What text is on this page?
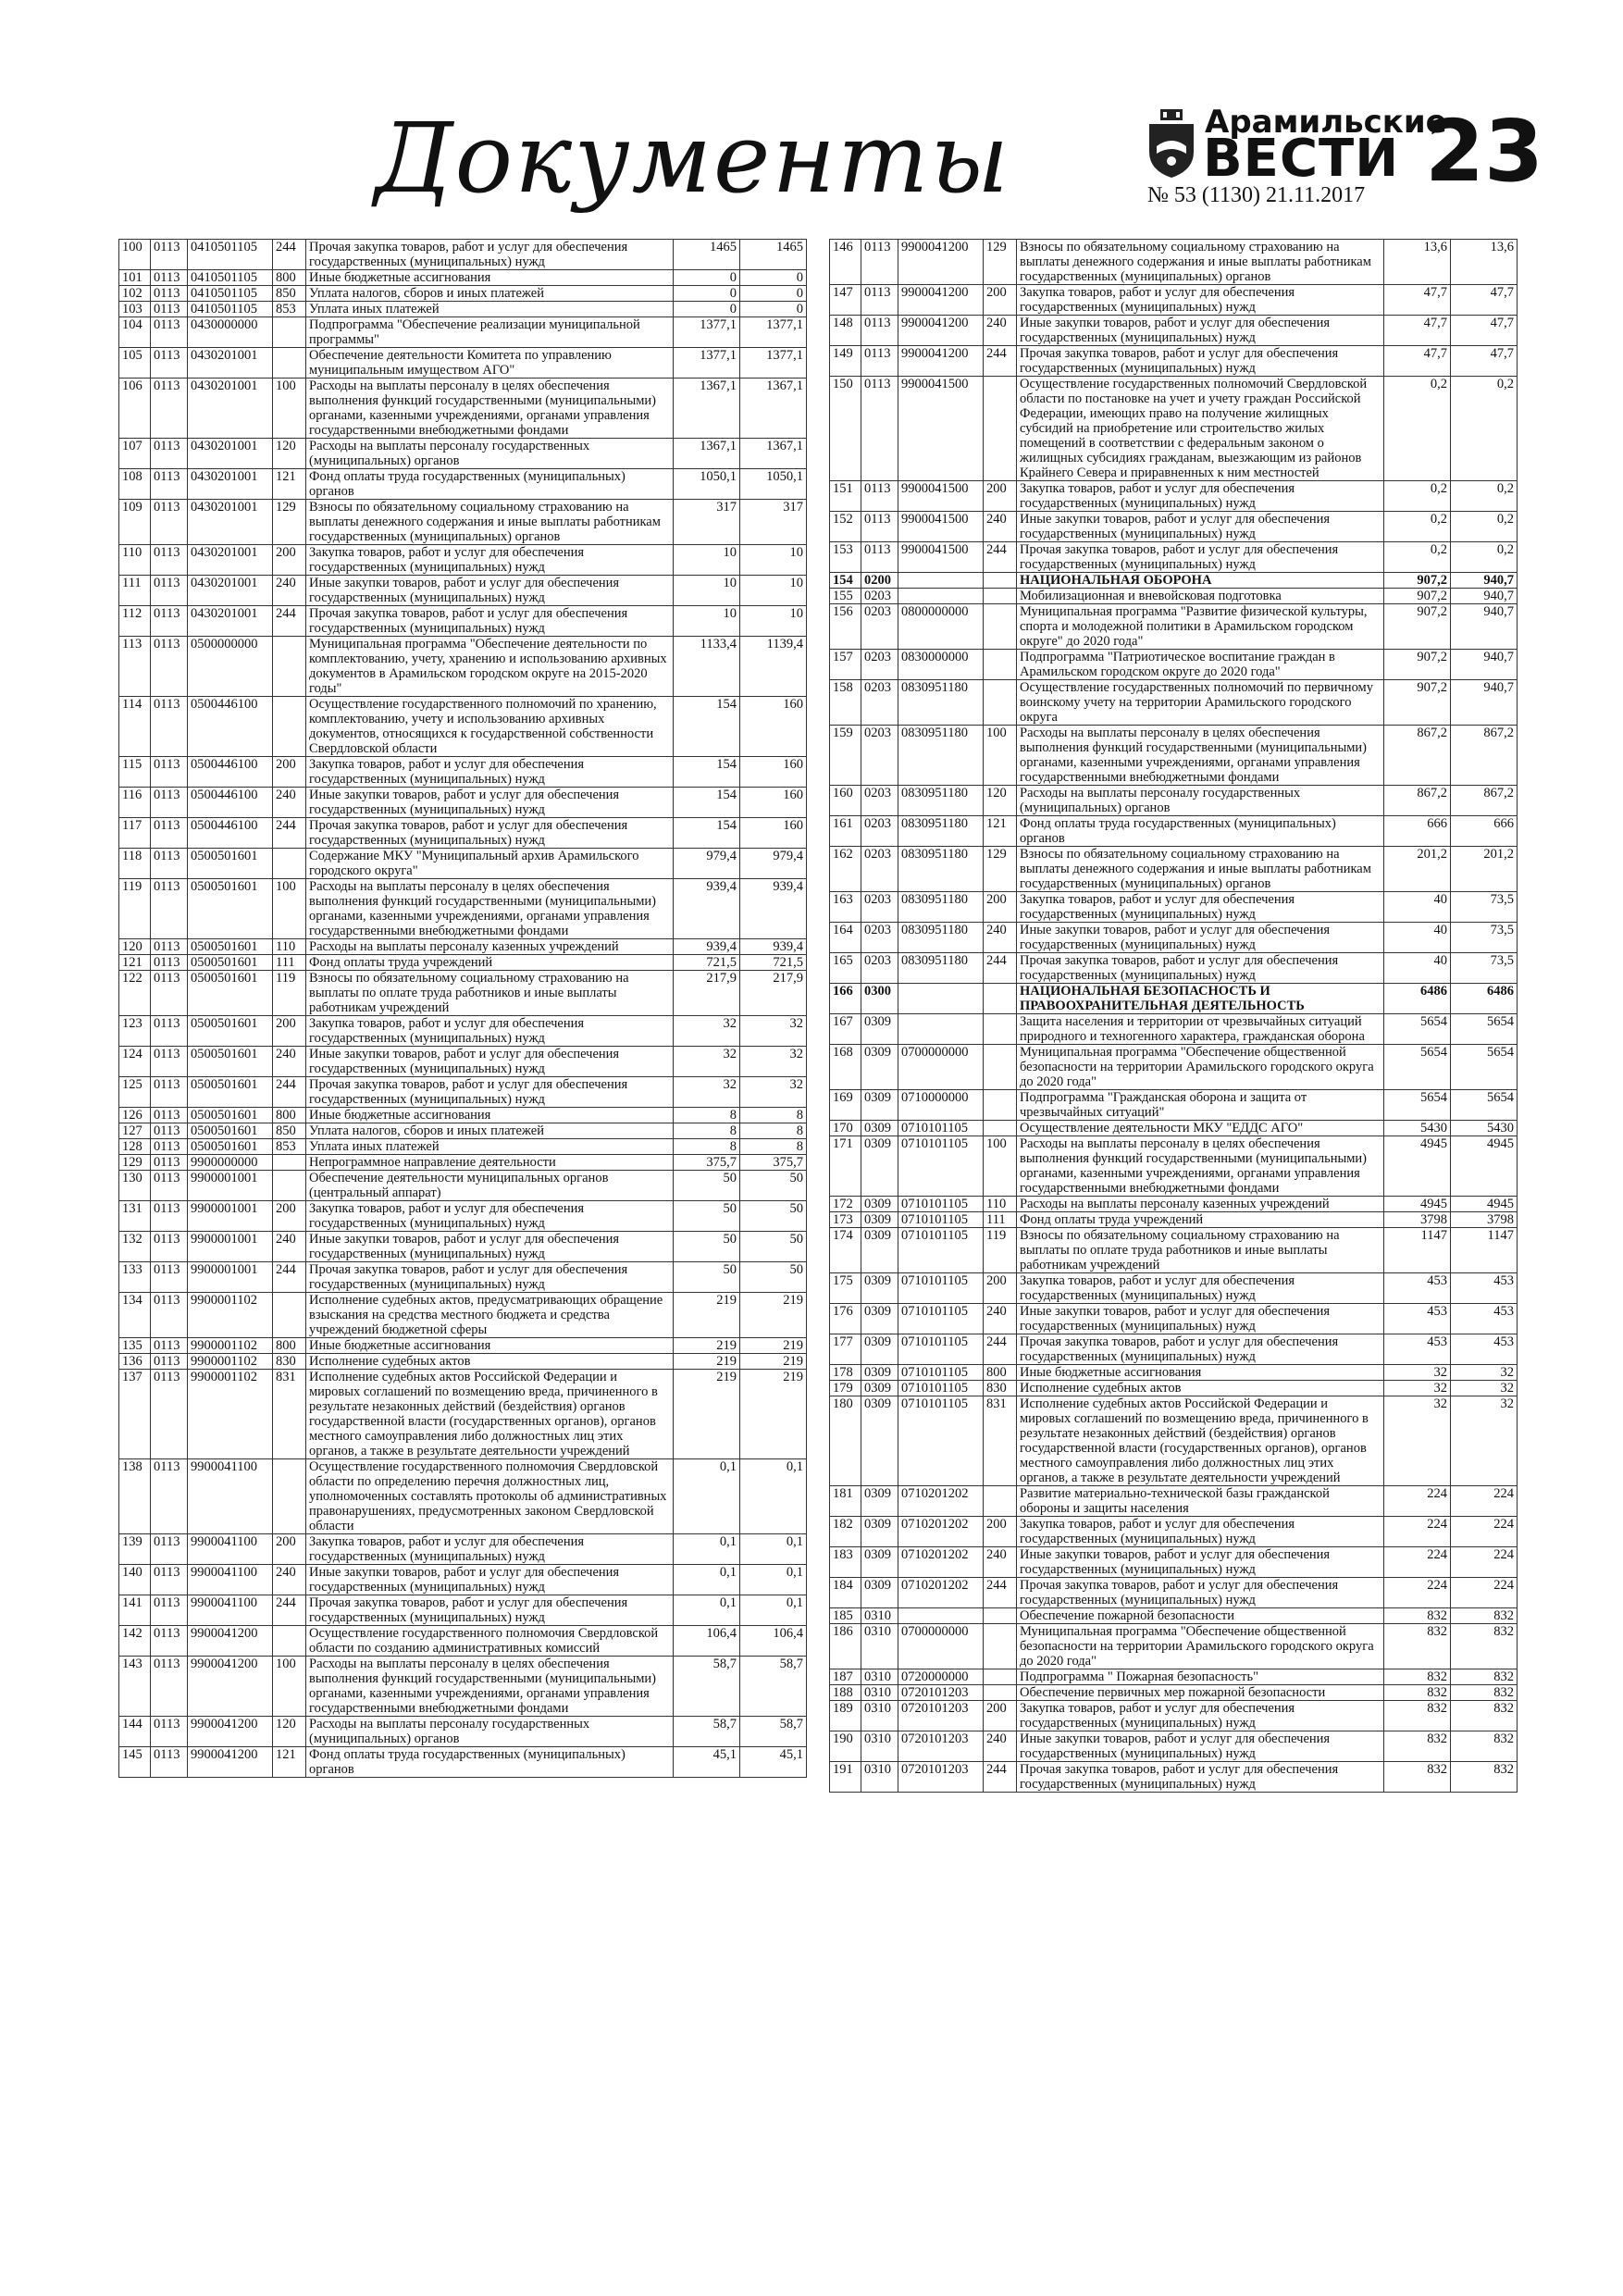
Документы	Арамильские
ВЕСТИ 23
№ 53 (1130) 21.11.2017
100	0113	0410501105	244	Прочая закупка товаров, работ и услуг для обеспечения государственных (муниципальных) нужд	1465	1465
101	0113	0410501105	800	Иные бюджетные ассигнования	0	0
102	0113	0410501105	850	Уплата налогов, сборов и иных платежей	0	0
103	0113	0410501105	853	Уплата иных платежей	0	0
104	0113	0430000000		Подпрограмма "Обеспечение реализации муниципальной программы"	1377,1	1377,1
105	0113	0430201001		Обеспечение деятельности Комитета по управлению муниципальным имуществом АГО"	1377,1	1377,1
106	0113	0430201001	100	Расходы на выплаты персоналу в целях обеспечения выполнения функций государственными (муниципальными) органами, казенными учреждениями, органами управления государственными внебюджетными фондами	1367,1	1367,1
107	0113	0430201001	120	Расходы на выплаты персоналу государственных (муниципальных) органов	1367,1	1367,1
108	0113	0430201001	121	Фонд оплаты труда государственных (муниципальных) органов	1050,1	1050,1
109	0113	0430201001	129	Взносы по обязательному социальному страхованию на выплаты денежного содержания и иные выплаты работникам государственных (муниципальных) органов	317	317
110	0113	0430201001	200	Закупка товаров, работ и услуг для обеспечения государственных (муниципальных) нужд	10	10
111	0113	0430201001	240	Иные закупки товаров, работ и услуг для обеспечения государственных (муниципальных) нужд	10	10
112	0113	0430201001	244	Прочая закупка товаров, работ и услуг для обеспечения государственных (муниципальных) нужд	10	10
113	0113	0500000000		Муниципальная программа "Обеспечение деятельности по комплектованию, учету, хранению и использованию архивных документов в Арамильском городском округе на 2015-2020 годы"	1133,4	1139,4
114	0113	0500446100		Осуществление государственного полномочий по хранению, комплектованию, учету и использованию архивных документов, относящихся к государственной собственности Свердловской области	154	160
115	0113	0500446100	200	Закупка товаров, работ и услуг для обеспечения государственных (муниципальных) нужд	154	160
116	0113	0500446100	240	Иные закупки товаров, работ и услуг для обеспечения государственных (муниципальных) нужд	154	160
117	0113	0500446100	244	Прочая закупка товаров, работ и услуг для обеспечения государственных (муниципальных) нужд	154	160
118	0113	0500501601		Содержание МКУ "Муниципальный архив Арамильского городского округа"	979,4	979,4
119	0113	0500501601	100	Расходы на выплаты персоналу в целях обеспечения выполнения функций государственными (муниципальными) органами, казенными учреждениями, органами управления государственными внебюджетными фондами	939,4	939,4
120	0113	0500501601	110	Расходы на выплаты персоналу казенных учреждений	939,4	939,4
121	0113	0500501601	111	Фонд оплаты труда учреждений	721,5	721,5
122	0113	0500501601	119	Взносы по обязательному социальному страхованию на выплаты по оплате труда работников и иные выплаты работникам учреждений	217,9	217,9
123	0113	0500501601	200	Закупка товаров, работ и услуг для обеспечения государственных (муниципальных) нужд	32	32
124	0113	0500501601	240	Иные закупки товаров, работ и услуг для обеспечения государственных (муниципальных) нужд	32	32
125	0113	0500501601	244	Прочая закупка товаров, работ и услуг для обеспечения государственных (муниципальных) нужд	32	32
126	0113	0500501601	800	Иные бюджетные ассигнования	8	8
127	0113	0500501601	850	Уплата налогов, сборов и иных платежей	8	8
128	0113	0500501601	853	Уплата иных платежей	8	8
129	0113	9900000000		Непрограммное направление деятельности	375,7	375,7
130	0113	9900001001		Обеспечение деятельности муниципальных органов (центральный аппарат)	50	50
131	0113	9900001001	200	Закупка товаров, работ и услуг для обеспечения государственных (муниципальных) нужд	50	50
132	0113	9900001001	240	Иные закупки товаров, работ и услуг для обеспечения государственных (муниципальных) нужд	50	50
133	0113	9900001001	244	Прочая закупка товаров, работ и услуг для обеспечения государственных (муниципальных) нужд	50	50
134	0113	9900001102		Исполнение судебных актов, предусматривающих обращение взыскания на средства местного бюджета и средства учреждений бюджетной сферы	219	219
135	0113	9900001102	800	Иные бюджетные ассигнования	219	219
136	0113	9900001102	830	Исполнение судебных актов	219	219
137	0113	9900001102	831	Исполнение судебных актов Российской Федерации и мировых соглашений по возмещению вреда, причиненного в результате незаконных действий (бездействия) органов государственной власти (государственных органов), органов местного самоуправления либо должностных лиц этих органов, а также в результате деятельности учреждений	219	219
138	0113	9900041100		Осуществление государственного полномочия Свердловской области по определению перечня должностных лиц, уполномоченных составлять протоколы об административных правонарушениях, предусмотренных законом Свердловской области	0,1	0,1
139	0113	9900041100	200	Закупка товаров, работ и услуг для обеспечения государственных (муниципальных) нужд	0,1	0,1
140	0113	9900041100	240	Иные закупки товаров, работ и услуг для обеспечения государственных (муниципальных) нужд	0,1	0,1
141	0113	9900041100	244	Прочая закупка товаров, работ и услуг для обеспечения государственных (муниципальных) нужд	0,1	0,1
142	0113	9900041200		Осуществление государственного полномочия Свердловской области по созданию административных комиссий	106,4	106,4
143	0113	9900041200	100	Расходы на выплаты персоналу в целях обеспечения выполнения функций государственными (муниципальными) органами, казенными учреждениями, органами управления государственными внебюджетными фондами	58,7	58,7
144	0113	9900041200	120	Расходы на выплаты персоналу государственных (муниципальных) органов	58,7	58,7
145	0113	9900041200	121	Фонд оплаты труда государственных (муниципальных) органов	45,1	45,1
146	0113	9900041200	129	Взносы по обязательному социальному страхованию на выплаты денежного содержания и иные выплаты работникам государственных (муниципальных) органов	13,6	13,6
147	0113	9900041200	200	Закупка товаров, работ и услуг для обеспечения государственных (муниципальных) нужд	47,7	47,7
148	0113	9900041200	240	Иные закупки товаров, работ и услуг для обеспечения государственных (муниципальных) нужд	47,7	47,7
149	0113	9900041200	244	Прочая закупка товаров, работ и услуг для обеспечения государственных (муниципальных) нужд	47,7	47,7
150	0113	9900041500		Осуществление государственных полномочий Свердловской области по постановке на учет и учету граждан Российской Федерации, имеющих право на получение жилищных субсидий на приобретение или строительство жилых помещений в соответствии с федеральным законом о жилищных субсидиях гражданам, выезжающим из районов Крайнего Севера и приравненных к ним местностей	0,2	0,2
151	0113	9900041500	200	Закупка товаров, работ и услуг для обеспечения государственных (муниципальных) нужд	0,2	0,2
152	0113	9900041500	240	Иные закупки товаров, работ и услуг для обеспечения государственных (муниципальных) нужд	0,2	0,2
153	0113	9900041500	244	Прочая закупка товаров, работ и услуг для обеспечения государственных (муниципальных) нужд	0,2	0,2
154	0200			НАЦИОНАЛЬНАЯ ОБОРОНА	907,2	940,7
155	0203			Мобилизационная и вневойсковая подготовка	907,2	940,7
156	0203	0800000000		Муниципальная программа "Развитие физической культуры, спорта и молодежной политики в Арамильском городском округе" до 2020 года"	907,2	940,7
157	0203	0830000000		Подпрограмма "Патриотическое воспитание граждан в Арамильском городском округе до 2020 года"	907,2	940,7
158	0203	0830951180		Осуществление государственных полномочий по первичному воинскому учету на территории Арамильского городского округа	907,2	940,7
159	0203	0830951180	100	Расходы на выплаты персоналу в целях обеспечения выполнения функций государственными (муниципальными) органами, казенными учреждениями, органами управления государственными внебюджетными фондами	867,2	867,2
160	0203	0830951180	120	Расходы на выплаты персоналу государственных (муниципальных) органов	867,2	867,2
161	0203	0830951180	121	Фонд оплаты труда государственных (муниципальных) органов	666	666
162	0203	0830951180	129	Взносы по обязательному социальному страхованию на выплаты денежного содержания и иные выплаты работникам государственных (муниципальных) органов	201,2	201,2
163	0203	0830951180	200	Закупка товаров, работ и услуг для обеспечения государственных (муниципальных) нужд	40	73,5
164	0203	0830951180	240	Иные закупки товаров, работ и услуг для обеспечения государственных (муниципальных) нужд	40	73,5
165	0203	0830951180	244	Прочая закупка товаров, работ и услуг для обеспечения государственных (муниципальных) нужд	40	73,5
166	0300			НАЦИОНАЛЬНАЯ БЕЗОПАСНОСТЬ И ПРАВООХРАНИТЕЛЬНАЯ ДЕЯТЕЛЬНОСТЬ	6486	6486
167	0309			Защита населения и территории от чрезвычайных ситуаций природного и техногенного характера, гражданская оборона	5654	5654
168	0309	0700000000		Муниципальная программа "Обеспечение общественной безопасности на территории Арамильского городского округа до 2020 года"	5654	5654
169	0309	0710000000		Подпрограмма "Гражданская оборона и защита от чрезвычайных ситуаций"	5654	5654
170	0309	0710101105		Осуществление деятельности МКУ "ЕДДС АГО"	5430	5430
171	0309	0710101105	100	Расходы на выплаты персоналу в целях обеспечения выполнения функций государственными (муниципальными) органами, казенными учреждениями, органами управления государственными внебюджетными фондами	4945	4945
172	0309	0710101105	110	Расходы на выплаты персоналу казенных учреждений	4945	4945
173	0309	0710101105	111	Фонд оплаты труда учреждений	3798	3798
174	0309	0710101105	119	Взносы по обязательному социальному страхованию на выплаты по оплате труда работников и иные выплаты работникам учреждений	1147	1147
175	0309	0710101105	200	Закупка товаров, работ и услуг для обеспечения государственных (муниципальных) нужд	453	453
176	0309	0710101105	240	Иные закупки товаров, работ и услуг для обеспечения государственных (муниципальных) нужд	453	453
177	0309	0710101105	244	Прочая закупка товаров, работ и услуг для обеспечения государственных (муниципальных) нужд	453	453
178	0309	0710101105	800	Иные бюджетные ассигнования	32	32
179	0309	0710101105	830	Исполнение судебных актов	32	32
180	0309	0710101105	831	Исполнение судебных актов Российской Федерации и мировых соглашений по возмещению вреда, причиненного в результате незаконных действий (бездействия) органов государственной власти (государственных органов), органов местного самоуправления либо должностных лиц этих органов, а также в результате деятельности учреждений	32	32
181	0309	0710201202		Развитие материально-технической базы гражданской обороны и защиты населения	224	224
182	0309	0710201202	200	Закупка товаров, работ и услуг для обеспечения государственных (муниципальных) нужд	224	224
183	0309	0710201202	240	Иные закупки товаров, работ и услуг для обеспечения государственных (муниципальных) нужд	224	224
184	0309	0710201202	244	Прочая закупка товаров, работ и услуг для обеспечения государственных (муниципальных) нужд	224	224
185	0310			Обеспечение пожарной безопасности	832	832
186	0310	0700000000		Муниципальная программа "Обеспечение общественной безопасности на территории Арамильского городского округа до 2020 года"	832	832
187	0310	0720000000		Подпрограмма " Пожарная безопасность"	832	832
188	0310	0720101203		Обеспечение первичных мер пожарной безопасности	832	832
189	0310	0720101203	200	Закупка товаров, работ и услуг для обеспечения государственных (муниципальных) нужд	832	832
190	0310	0720101203	240	Иные закупки товаров, работ и услуг для обеспечения государственных (муниципальных) нужд	832	832
191	0310	0720101203	244	Прочая закупка товаров, работ и услуг для обеспечения государственных (муниципальных) нужд	832	832
